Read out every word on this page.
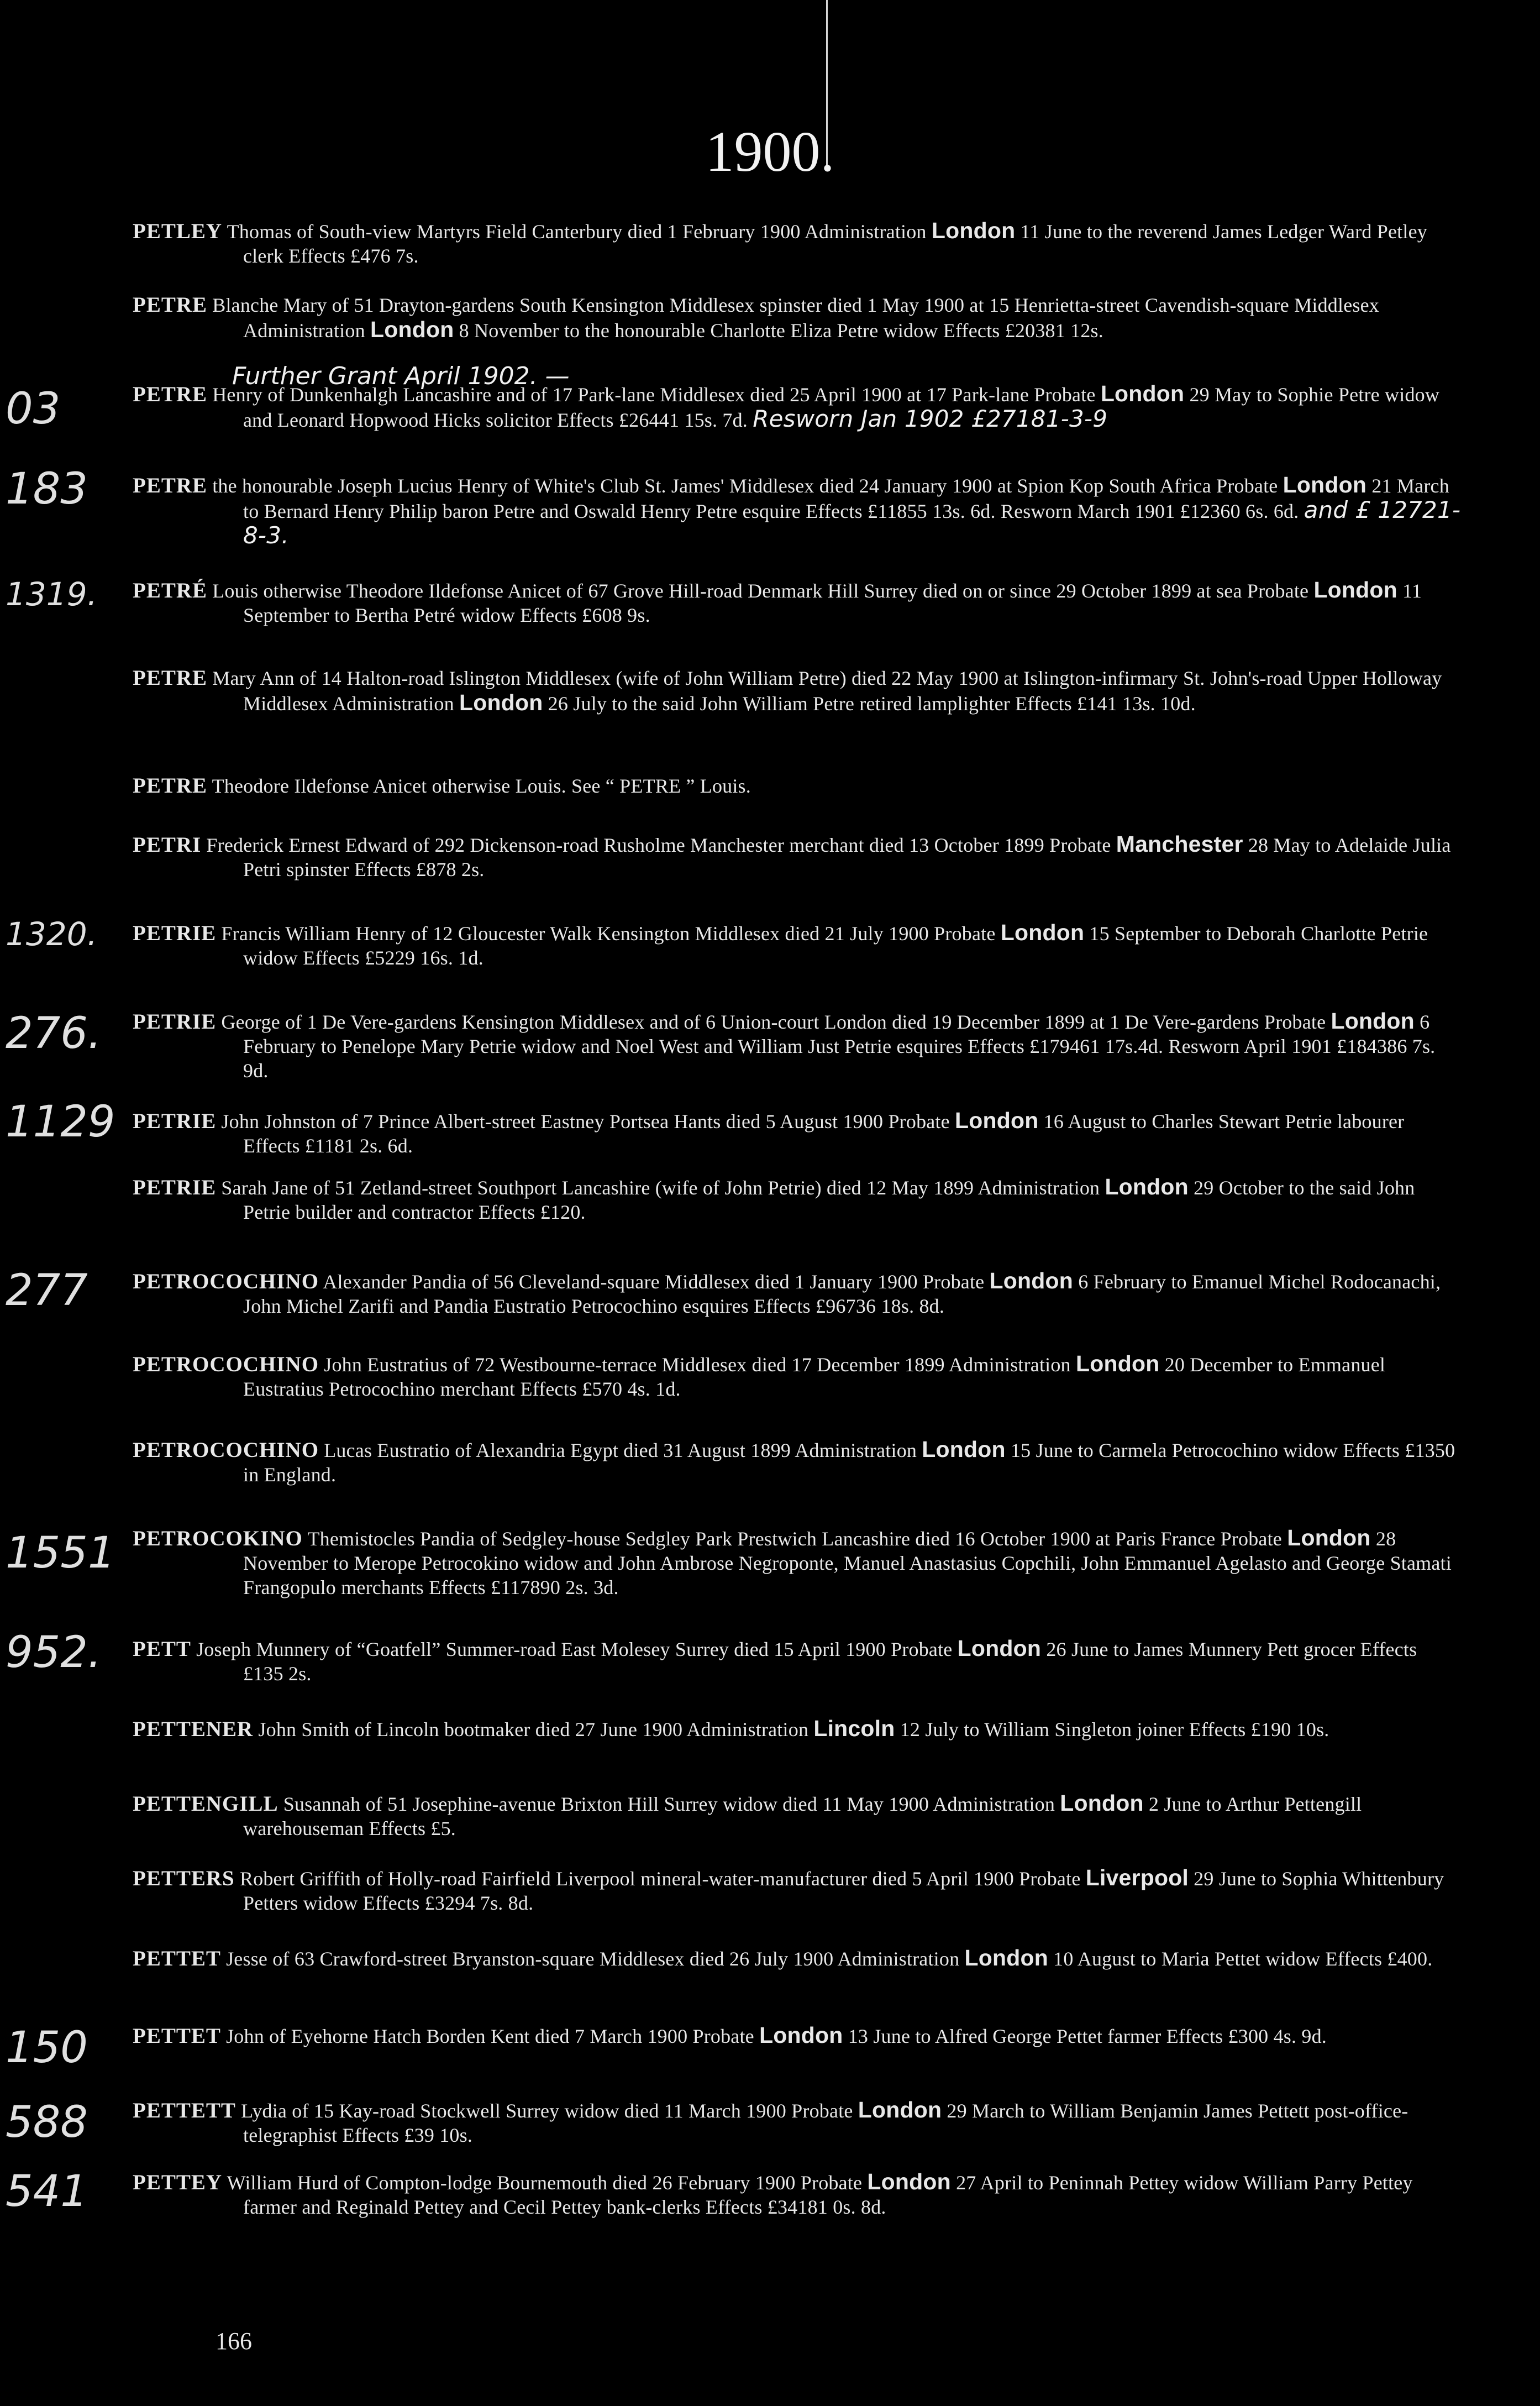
1900.
Further Grant April 1902. —

PETLEY Thomas of South-view Martyrs Field Canterbury died 1 February 1900 Administration London 11 June to the reverend James Ledger Ward Petley clerk Effects £476 7s.

PETRE Blanche Mary of 51 Drayton-gardens South Kensington Middlesex spinster died 1 May 1900 at 15 Henrietta-street Cavendish-square Middlesex Administration London 8 November to the honourable Charlotte Eliza Petre widow Effects £20381 12s.

PETRE Henry of Dunkenhalgh Lancashire and of 17 Park-lane Middlesex died 25 April 1900 at 17 Park-lane Probate London 29 May to Sophie Petre widow and Leonard Hopwood Hicks solicitor Effects £26441 15s. 7d. Resworn Jan 1902 £27181-3-9

03

PETRE the honourable Joseph Lucius Henry of White's Club St. James' Middlesex died 24 January 1900 at Spion Kop South Africa Probate London 21 March to Bernard Henry Philip baron Petre and Oswald Henry Petre esquire Effects £11855 13s. 6d. Resworn March 1901 £12360 6s. 6d. and £ 12721-8-3.

183

PETRÉ Louis otherwise Theodore Ildefonse Anicet of 67 Grove Hill-road Denmark Hill Surrey died on or since 29 October 1899 at sea Probate London 11 September to Bertha Petré widow Effects £608 9s.

1319.

PETRE Mary Ann of 14 Halton-road Islington Middlesex (wife of John William Petre) died 22 May 1900 at Islington-infirmary St. John's-road Upper Holloway Middlesex Administration London 26 July to the said John William Petre retired lamplighter Effects £141 13s. 10d.

PETRE Theodore Ildefonse Anicet otherwise Louis. See “ PETRE ” Louis.

PETRI Frederick Ernest Edward of 292 Dickenson-road Rusholme Manchester merchant died 13 October 1899 Probate Manchester 28 May to Adelaide Julia Petri spinster Effects £878 2s.

PETRIE Francis William Henry of 12 Gloucester Walk Kensington Middlesex died 21 July 1900 Probate London 15 September to Deborah Charlotte Petrie widow Effects £5229 16s. 1d.

1320.

PETRIE George of 1 De Vere-gardens Kensington Middlesex and of 6 Union-court London died 19 December 1899 at 1 De Vere-gardens Probate London 6 February to Penelope Mary Petrie widow and Noel West and William Just Petrie esquires Effects £179461 17s.4d. Resworn April 1901 £184386 7s. 9d.

276.

PETRIE John Johnston of 7 Prince Albert-street Eastney Portsea Hants died 5 August 1900 Probate London 16 August to Charles Stewart Petrie labourer Effects £1181 2s. 6d.

1129

PETRIE Sarah Jane of 51 Zetland-street Southport Lancashire (wife of John Petrie) died 12 May 1899 Administration London 29 October to the said John Petrie builder and contractor Effects £120.

PETROCOCHINO Alexander Pandia of 56 Cleveland-square Middlesex died 1 January 1900 Probate London 6 February to Emanuel Michel Rodocanachi, John Michel Zarifi and Pandia Eustratio Petrocochino esquires Effects £96736 18s. 8d.

277

PETROCOCHINO John Eustratius of 72 Westbourne-terrace Middlesex died 17 December 1899 Administration London 20 December to Emmanuel Eustratius Petrocochino merchant Effects £570 4s. 1d.

PETROCOCHINO Lucas Eustratio of Alexandria Egypt died 31 August 1899 Administration London 15 June to Carmela Petrocochino widow Effects £1350 in England.

PETROCOKINO Themistocles Pandia of Sedgley-house Sedgley Park Prestwich Lancashire died 16 October 1900 at Paris France Probate London 28 November to Merope Petrocokino widow and John Ambrose Negroponte, Manuel Anastasius Copchili, John Emmanuel Agelasto and George Stamati Frangopulo merchants Effects £117890 2s. 3d.

1551

PETT Joseph Munnery of “Goatfell” Summer-road East Molesey Surrey died 15 April 1900 Probate London 26 June to James Munnery Pett grocer Effects £135 2s.

952.

PETTENER John Smith of Lincoln bootmaker died 27 June 1900 Administration Lincoln 12 July to William Singleton joiner Effects £190 10s.

PETTENGILL Susannah of 51 Josephine-avenue Brixton Hill Surrey widow died 11 May 1900 Administration London 2 June to Arthur Pettengill warehouseman Effects £5.

PETTERS Robert Griffith of Holly-road Fairfield Liverpool mineral-water-manufacturer died 5 April 1900 Probate Liverpool 29 June to Sophia Whittenbury Petters widow Effects £3294 7s. 8d.

PETTET Jesse of 63 Crawford-street Bryanston-square Middlesex died 26 July 1900 Administration London 10 August to Maria Pettet widow Effects £400.

PETTET John of Eyehorne Hatch Borden Kent died 7 March 1900 Probate London 13 June to Alfred George Pettet farmer Effects £300 4s. 9d.

150

PETTETT Lydia of 15 Kay-road Stockwell Surrey widow died 11 March 1900 Probate London 29 March to William Benjamin James Pettett post-office-telegraphist Effects £39 10s.

588

PETTEY William Hurd of Compton-lodge Bournemouth died 26 February 1900 Probate London 27 April to Peninnah Pettey widow William Parry Pettey farmer and Reginald Pettey and Cecil Pettey bank-clerks Effects £34181 0s. 8d.

541
166
